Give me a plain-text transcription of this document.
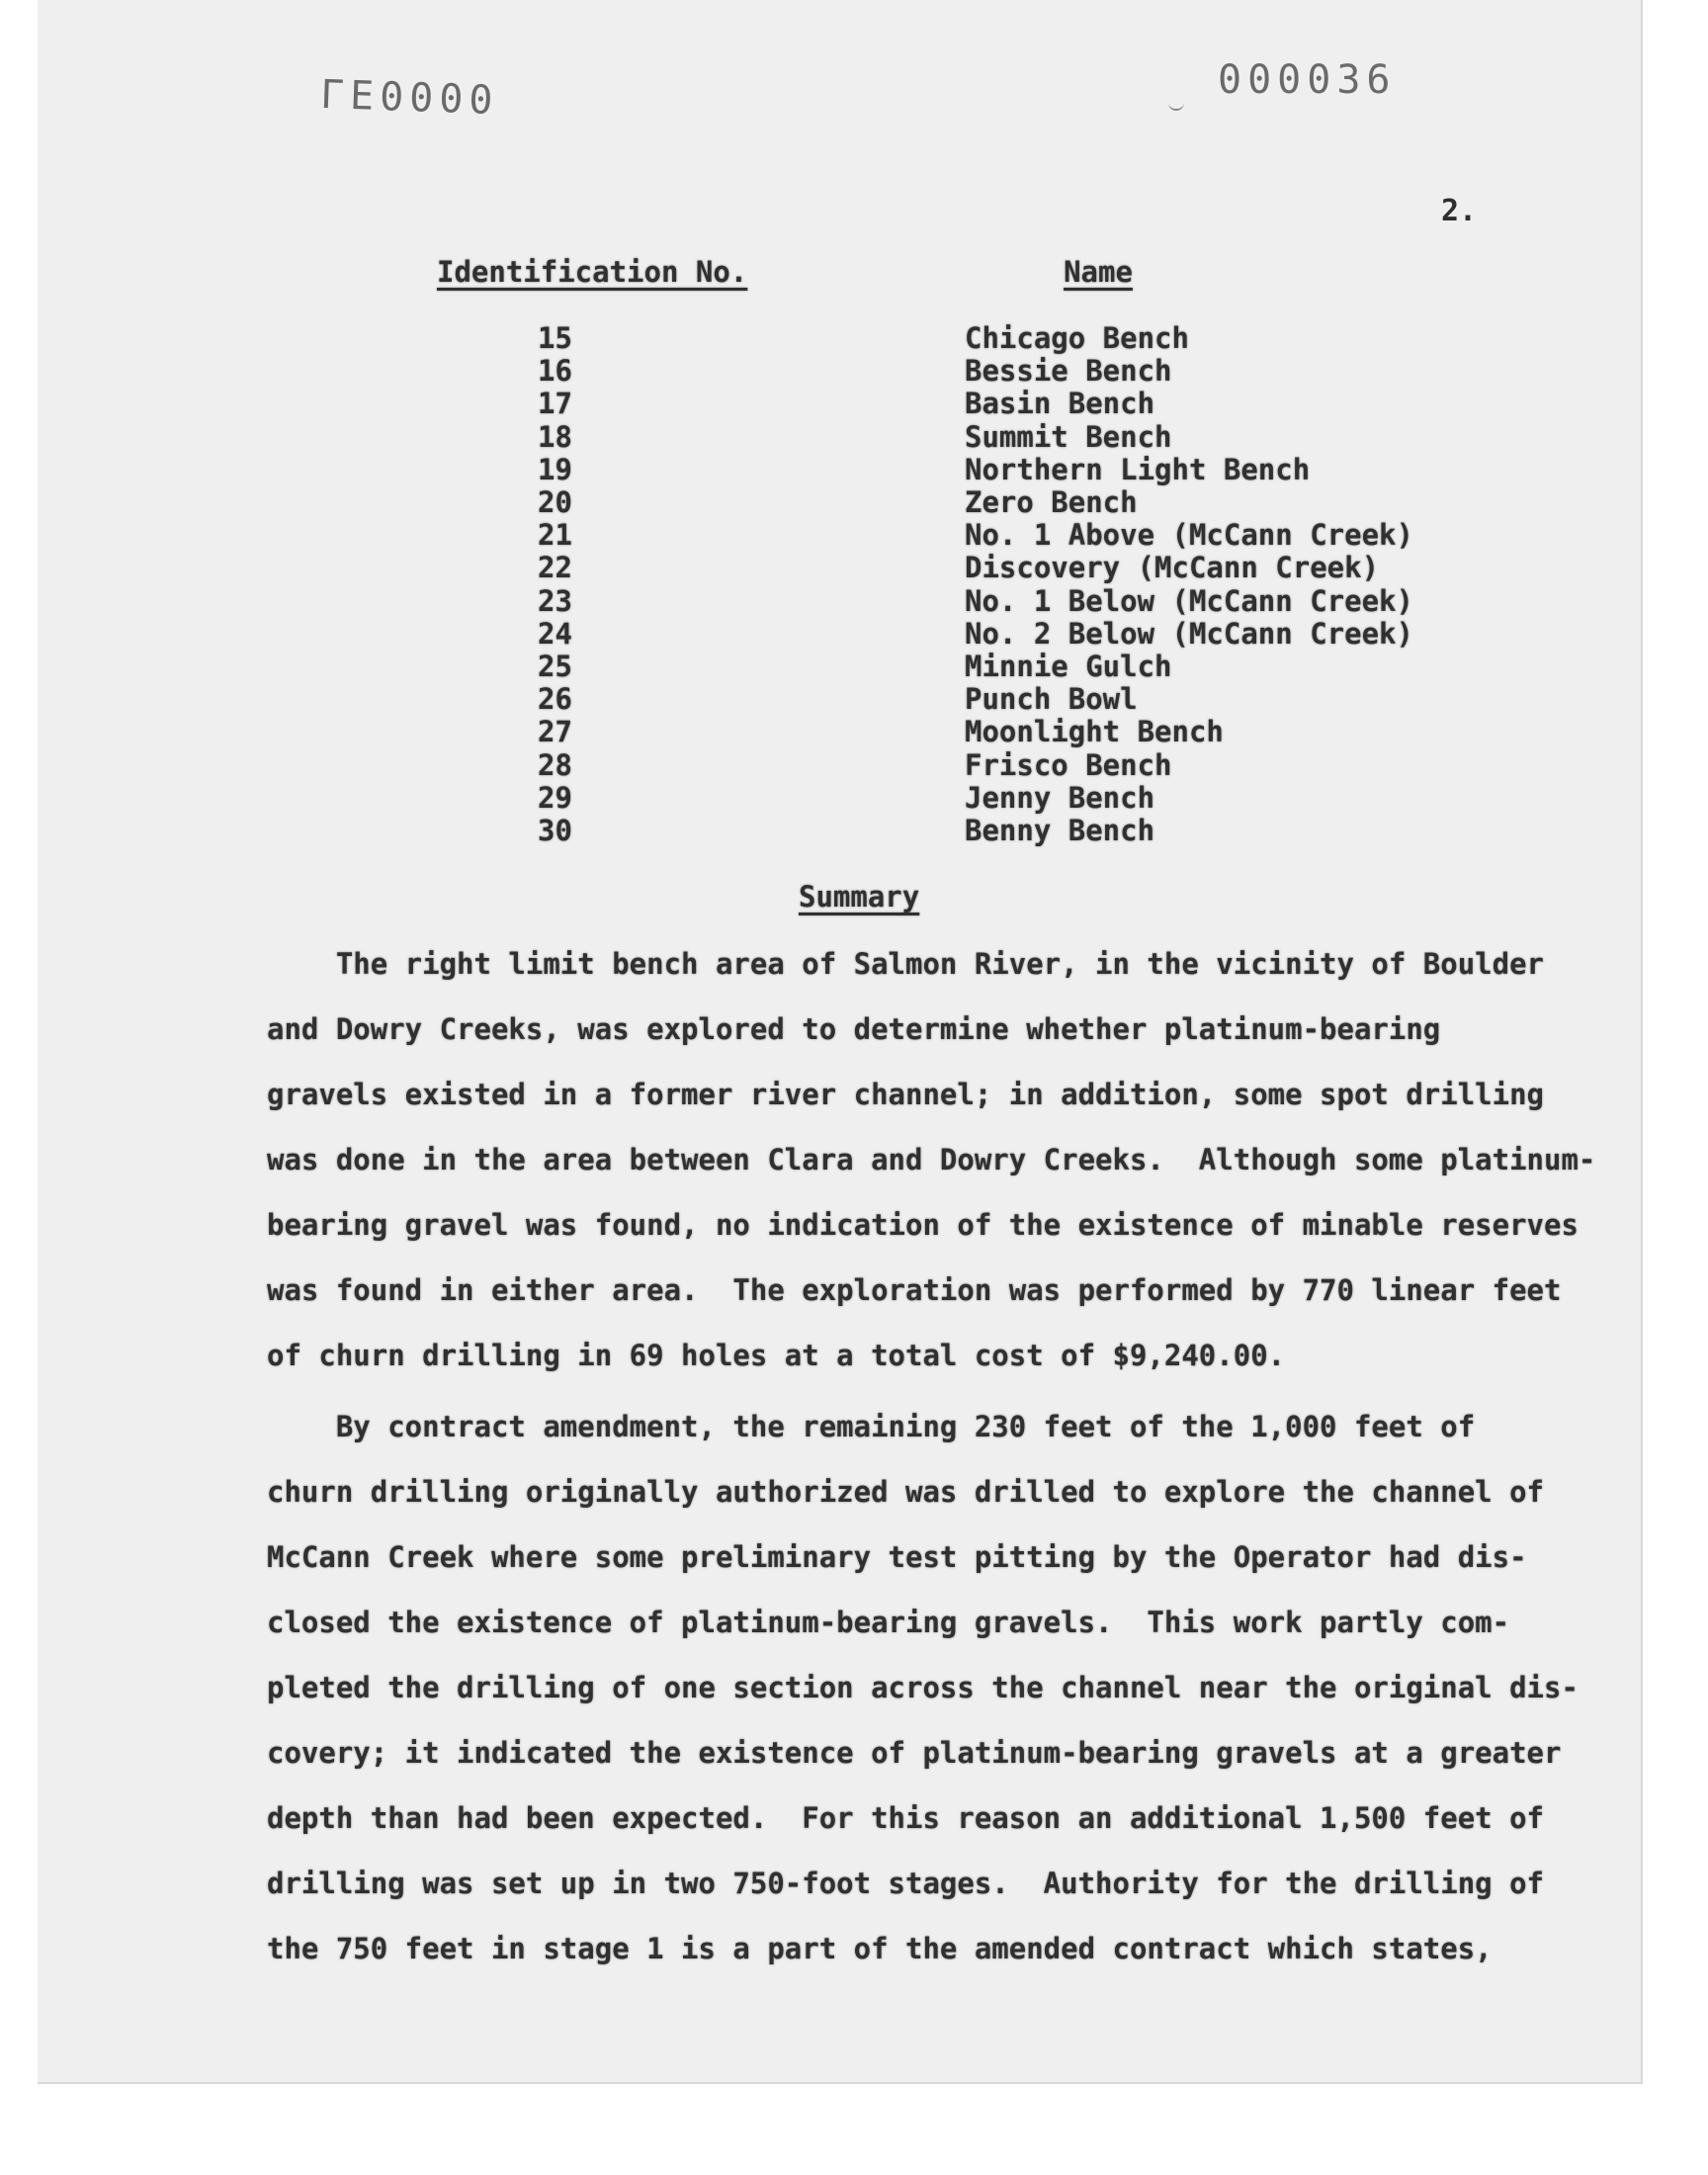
ΓE0000	000036
2.
Identification No.	Name
15
16
17
18
19
20
21
22
23
24
25
26
27
28
29
30
Chicago Bench
Bessie Bench
Basin Bench
Summit Bench
Northern Light Bench
Zero Bench
No. 1 Above (McCann Creek)
Discovery (McCann Creek)
No. 1 Below (McCann Creek)
No. 2 Below (McCann Creek)
Minnie Gulch
Punch Bowl
Moonlight Bench
Frisco Bench
Jenny Bench
Benny Bench
Summary
The right limit bench area of Salmon River, in the vicinity of Boulder
and Dowry Creeks, was explored to determine whether platinum-bearing
gravels existed in a former river channel; in addition, some spot drilling
was done in the area between Clara and Dowry Creeks.  Although some platinum-
bearing gravel was found, no indication of the existence of minable reserves
was found in either area.  The exploration was performed by 770 linear feet
of churn drilling in 69 holes at a total cost of $9,240.00.
By contract amendment, the remaining 230 feet of the 1,000 feet of
churn drilling originally authorized was drilled to explore the channel of
McCann Creek where some preliminary test pitting by the Operator had dis-
closed the existence of platinum-bearing gravels.  This work partly com-
pleted the drilling of one section across the channel near the original dis-
covery; it indicated the existence of platinum-bearing gravels at a greater
depth than had been expected.  For this reason an additional 1,500 feet of
drilling was set up in two 750-foot stages.  Authority for the drilling of
the 750 feet in stage 1 is a part of the amended contract which states,
